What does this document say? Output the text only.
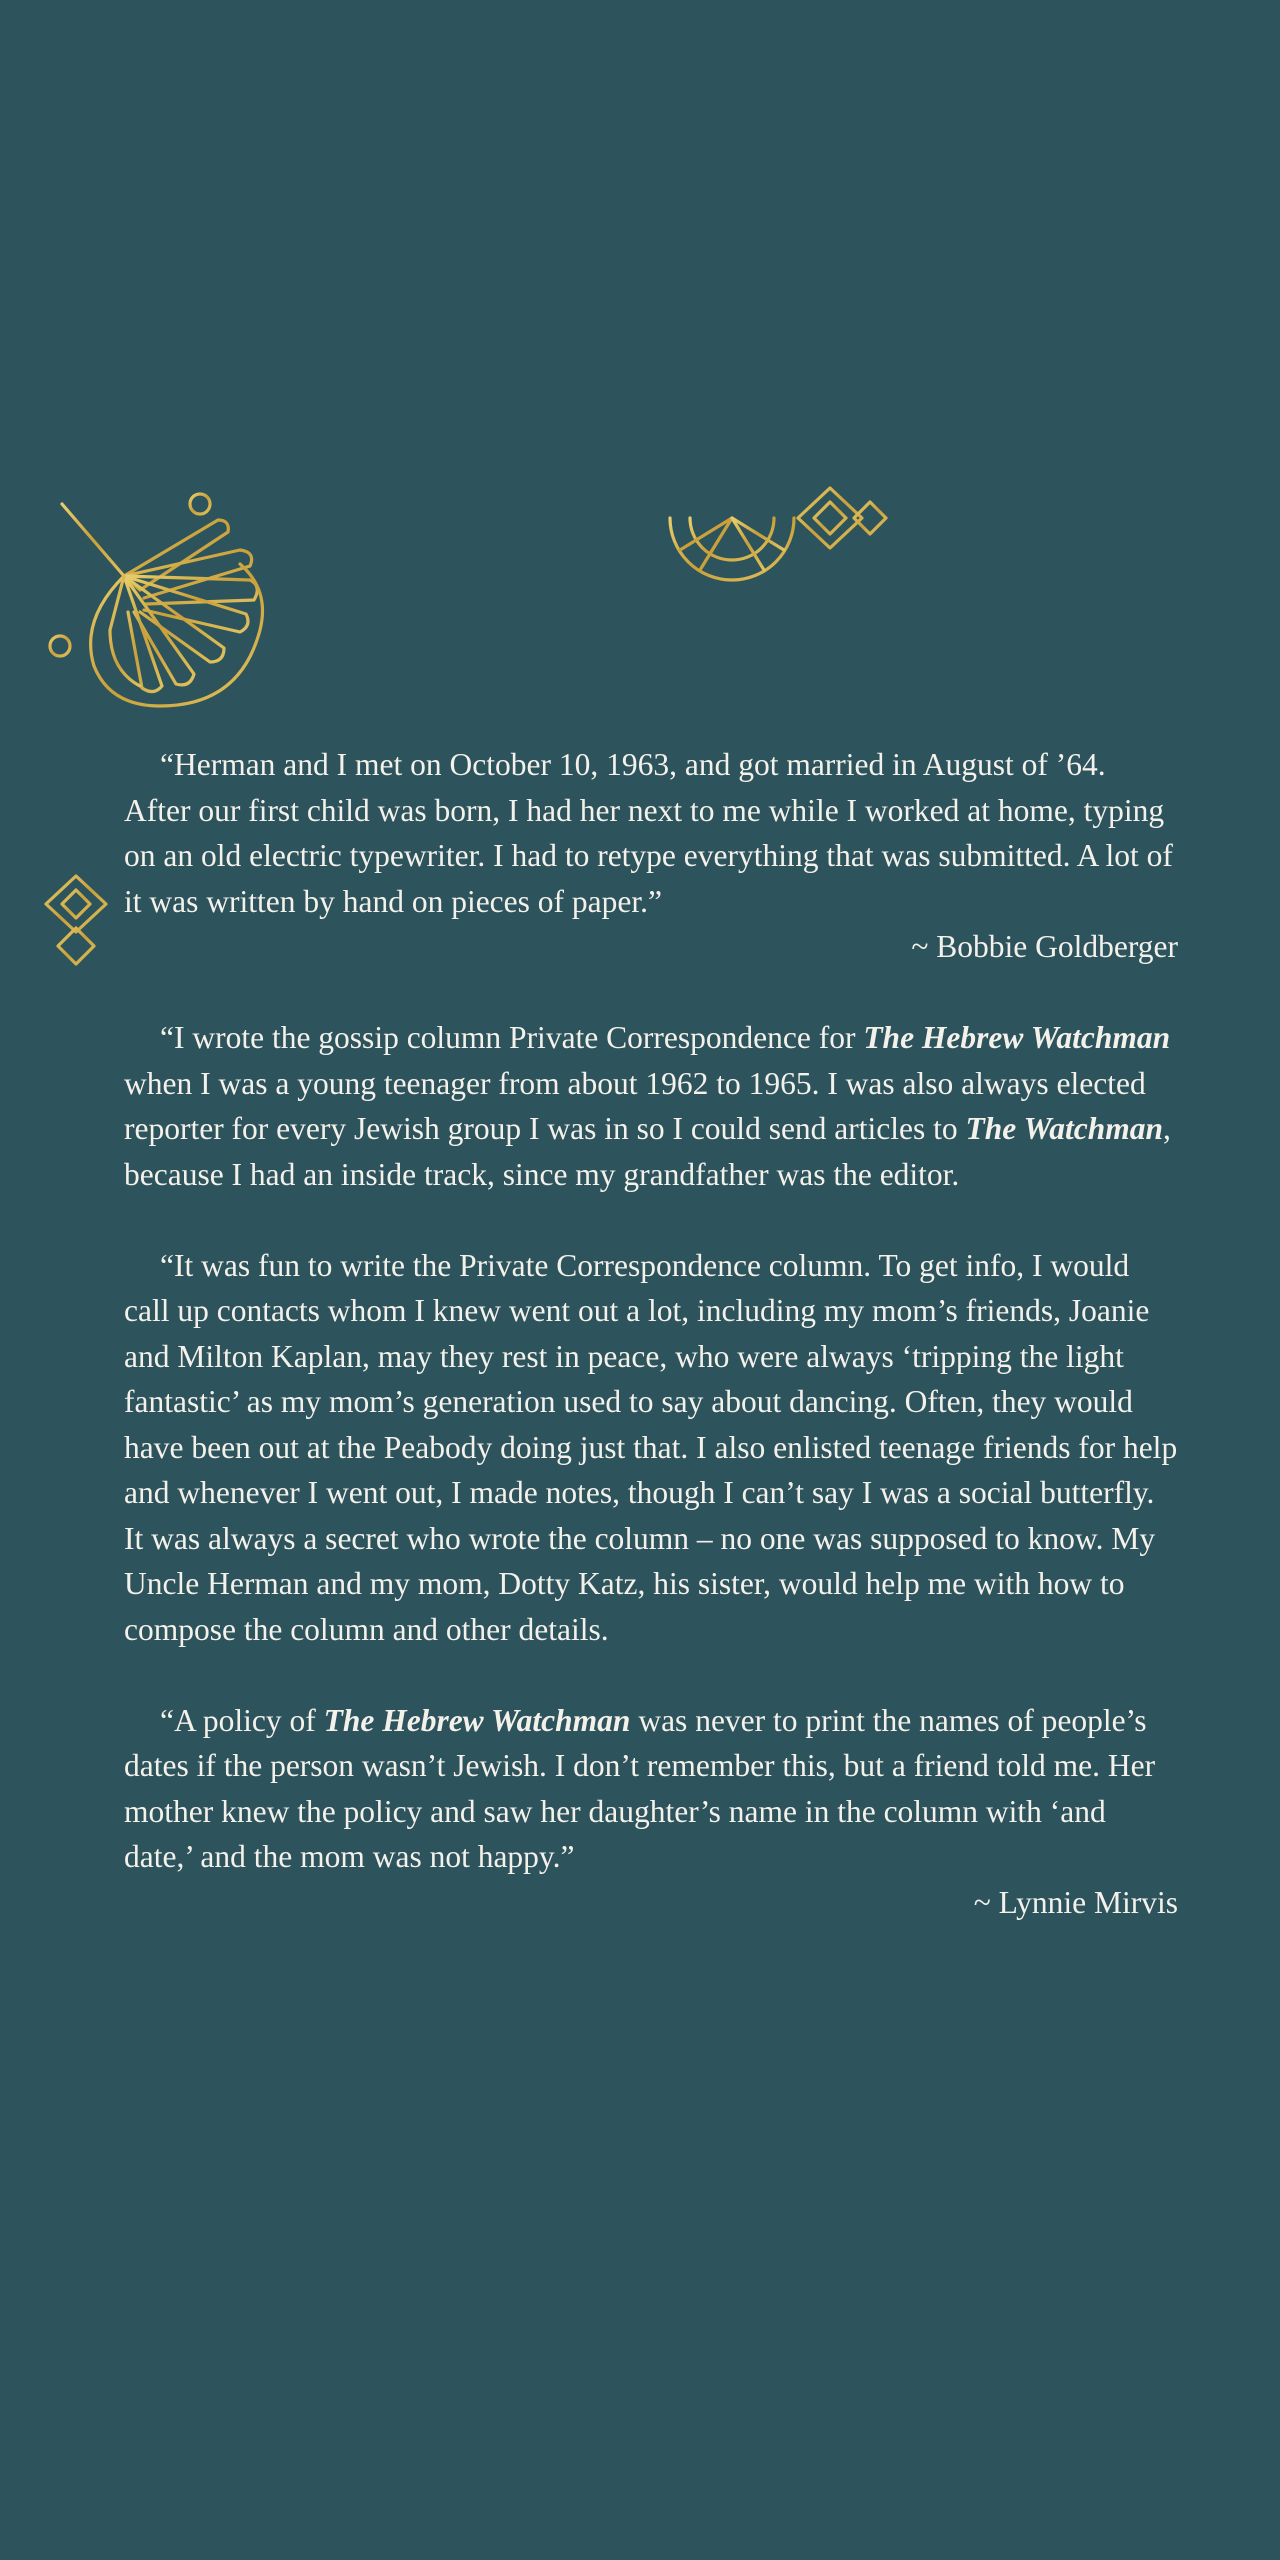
“Herman and I met on October 10, 1963, and got married in August of ’64. After our first child was born, I had her next to me while I worked at home, typing on an old electric typewriter. I had to retype everything that was submitted. A lot of it was written by hand on pieces of paper.”

~ Bobbie Goldberger

“I wrote the gossip column Private Correspondence for The Hebrew Watchman when I was a young teenager from about 1962 to 1965. I was also always elected reporter for every Jewish group I was in so I could send articles to The Watchman, because I had an inside track, since my grandfather was the editor.

“It was fun to write the Private Correspondence column. To get info, I would call up contacts whom I knew went out a lot, including my mom’s friends, Joanie and Milton Kaplan, may they rest in peace, who were always ‘tripping the light fantastic’ as my mom’s generation used to say about dancing. Often, they would have been out at the Peabody doing just that. I also enlisted teenage friends for help and whenever I went out, I made notes, though I can’t say I was a social butterfly. It was always a secret who wrote the column – no one was supposed to know. My Uncle Herman and my mom, Dotty Katz, his sister, would help me with how to compose the column and other details.

“A policy of The Hebrew Watchman was never to print the names of people’s dates if the person wasn’t Jewish. I don’t remember this, but a friend told me. Her mother knew the policy and saw her daughter’s name in the column with ‘and date,’ and the mom was not happy.”

~ Lynnie Mirvis
